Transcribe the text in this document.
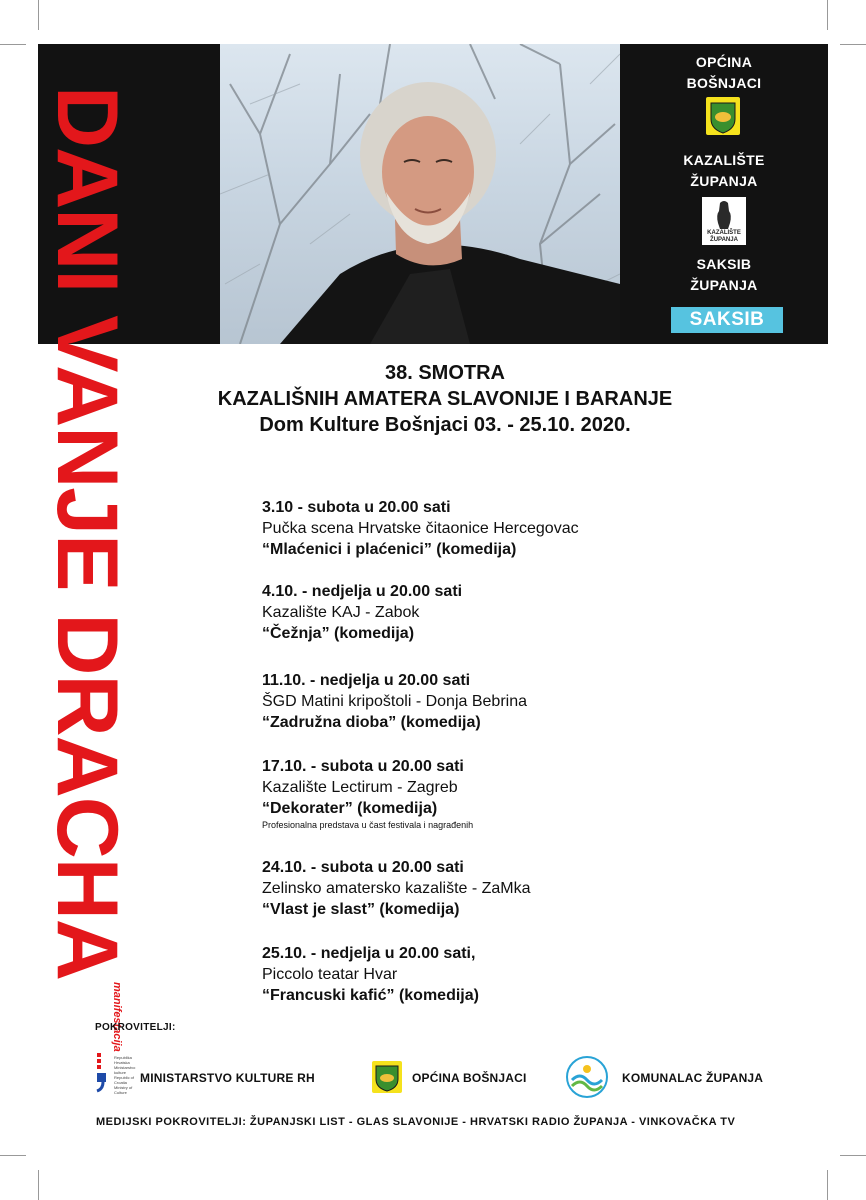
OPĆINA
BOŠNJACI
KAZALIŠTE
ŽUPANJA
KAZALIŠTE
ŽUPANJA
SAKSIB
ŽUPANJA
SAKSIB
DANI VANJE $DRACHA^{manifestacija}$
38. SMOTRA
KAZALIŠNIH AMATERA SLAVONIJE I BARANJE
Dom Kulture Bošnjaci 03. - 25.10. 2020.
3.10 - subota u 20.00 sati
Pučka scena Hrvatske čitaonice Hercegovac
“Mlaćenici i plaćenici” (komedija)
4.10. - nedjelja u 20.00 sati
Kazalište KAJ - Zabok
“Čežnja” (komedija)
11.10. - nedjelja u 20.00 sati
ŠGD Matini kripoštoli - Donja Bebrina
“Zadružna dioba” (komedija)
17.10. - subota u 20.00 sati
Kazalište Lectirum - Zagreb
“Dekorater” (komedija)
Profesionalna predstava u čast festivala i nagrađenih
24.10. - subota u 20.00 sati
Zelinsko amatersko kazalište - ZaMka
“Vlast je slast” (komedija)
25.10. - nedjelja u 20.00 sati,
Piccolo teatar Hvar
“Francuski kafić” (komedija)
POKROVITELJI:
Republika Hrvatska Ministarstvo kulture Republic of Croatia Ministry of Culture
MINISTARSTVO KULTURE RH	OPĆINA BOŠNJACI	KOMUNALAC ŽUPANJA
MEDIJSKI POKROVITELJI: ŽUPANJSKI LIST - GLAS SLAVONIJE - HRVATSKI RADIO ŽUPANJA - VINKOVAČKA TV
